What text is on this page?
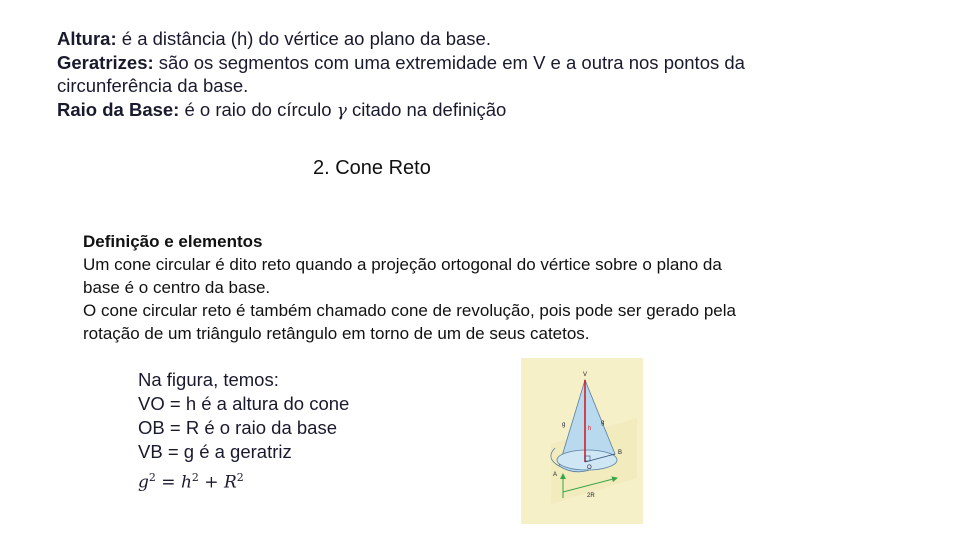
Altura: é a distância (h) do vértice ao plano da base.

Geratrizes: são os segmentos com uma extremidade em V e a outra nos pontos da

circunferência da base.

Raio da Base: é o raio do círculo γ citado na definição

2. Cone Reto

Definição e elementos

Um cone circular é dito reto quando a projeção ortogonal do vértice sobre o plano da

base é o centro da base.

O cone circular reto é também chamado cone de revolução, pois pode ser gerado pela

rotação de um triângulo retângulo em torno de um de seus catetos.

Na figura, temos:

VO = h é a altura do cone

OB = R é o raio da base

VB = g é a geratriz

$g^2 = h^2 + R^2$

V
g	g
h
A
O
B
2R
